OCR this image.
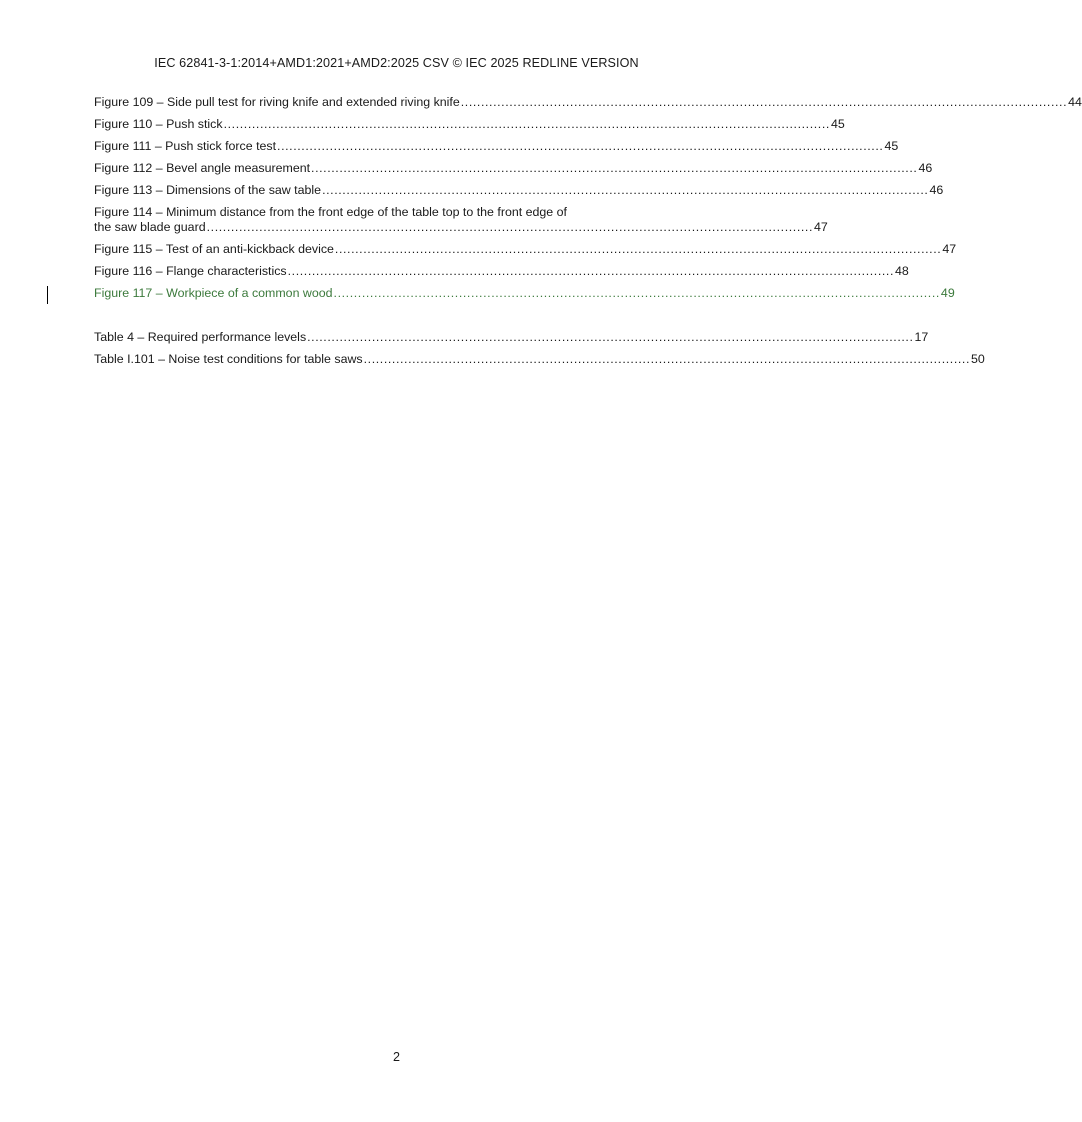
IEC 62841-3-1:2014+AMD1:2021+AMD2:2025 CSV © IEC 2025 REDLINE VERSION
Figure 109 – Side pull test for riving knife and extended riving knife ...................................................................................................................................................... 44
Figure 110 – Push stick ...................................................................................................................................................... 45
Figure 111 – Push stick force test ...................................................................................................................................................... 45
Figure 112 – Bevel angle measurement ...................................................................................................................................................... 46
Figure 113 – Dimensions of the saw table ...................................................................................................................................................... 46
Figure 114 – Minimum distance from the front edge of the table top to the front edge of
the saw blade guard ...................................................................................................................................................... 47
Figure 115 – Test of an anti-kickback device ...................................................................................................................................................... 47
Figure 116 – Flange characteristics ...................................................................................................................................................... 48
Figure 117 – Workpiece of a common wood ...................................................................................................................................................... 49
Table 4 – Required performance levels ...................................................................................................................................................... 17
Table I.101 – Noise test conditions for table saws ...................................................................................................................................................... 50
2
